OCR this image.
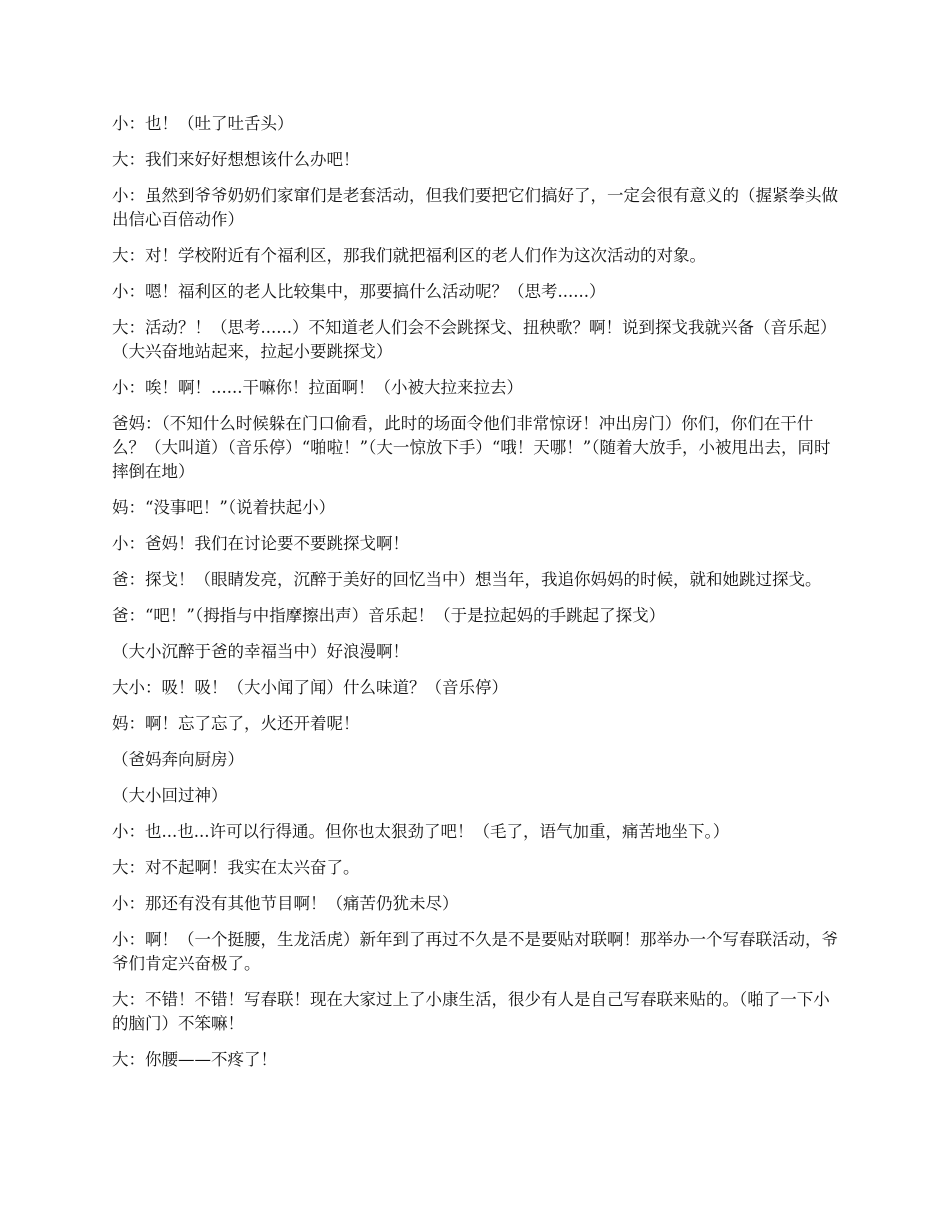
小：也！（吐了吐舌头）

大：我们来好好想想该什么办吧！

小：虽然到爷爷奶奶们家窜们是老套活动，但我们要把它们搞好了，一定会很有意义的（握紧拳头做出信心百倍动作）

大：对！学校附近有个福利区，那我们就把福利区的老人们作为这次活动的对象。

小：嗯！福利区的老人比较集中，那要搞什么活动呢？（思考......）

大：活动？！（思考......）不知道老人们会不会跳探戈、扭秧歌？啊！说到探戈我就兴备（音乐起）（大兴奋地站起来，拉起小要跳探戈）

小：唉！啊！......干嘛你！拉面啊！（小被大拉来拉去）

爸妈：（不知什么时候躲在门口偷看，此时的场面令他们非常惊讶！冲出房门）你们，你们在干什么？（大叫道）（音乐停）“啪啦！”（大一惊放下手）“哦！天哪！”（随着大放手，小被甩出去，同时摔倒在地）

妈：“没事吧！”（说着扶起小）

小：爸妈！我们在讨论要不要跳探戈啊！

爸：探戈！（眼睛发亮，沉醉于美好的回忆当中）想当年，我追你妈妈的时候，就和她跳过探戈。

爸：“吧！”（拇指与中指摩擦出声）音乐起！（于是拉起妈的手跳起了探戈）

（大小沉醉于爸的幸福当中）好浪漫啊！

大小：吸！吸！（大小闻了闻）什么味道？（音乐停）

妈：啊！忘了忘了，火还开着呢！

（爸妈奔向厨房）

（大小回过神）

小：也...也...许可以行得通。但你也太狠劲了吧！（毛了，语气加重，痛苦地坐下。）

大：对不起啊！我实在太兴奋了。

小：那还有没有其他节目啊！（痛苦仍犹未尽）

小：啊！（一个挺腰，生龙活虎）新年到了再过不久是不是要贴对联啊！那举办一个写春联活动，爷爷们肯定兴奋极了。

大：不错！不错！写春联！现在大家过上了小康生活，很少有人是自己写春联来贴的。（啪了一下小的脑门）不笨嘛！

大：你腰——不疼了！
